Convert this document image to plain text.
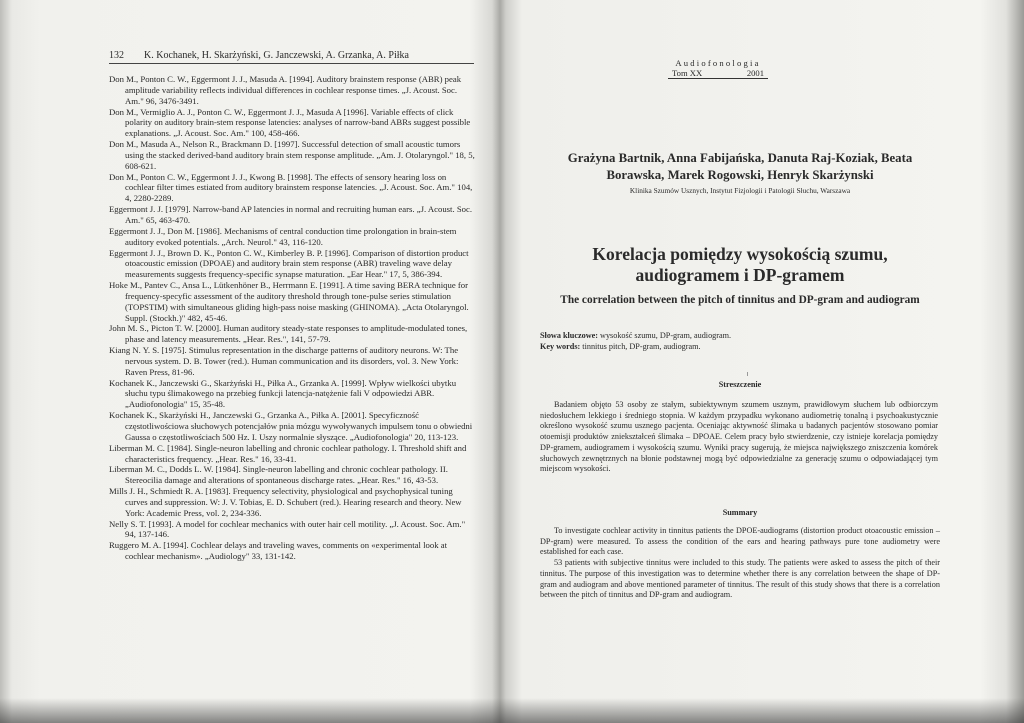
132 K. Kochanek, H. Skarżyński, G. Janczewski, A. Grzanka, A. Piłka

Don M., Ponton C. W., Eggermont J. J., Masuda A. [1994]. Auditory brainstem response (ABR) peak amplitude variability reflects individual differences in cochlear response times. „J. Acoust. Soc. Am." 96, 3476-3491.

Don M., Vermiglio A. J., Ponton C. W., Eggermont J. J., Masuda A [1996]. Variable effects of click polarity on auditory brain-stem response latencies: analyses of narrow-band ABRs suggest possible explanations. „J. Acoust. Soc. Am." 100, 458-466.

Don M., Masuda A., Nelson R., Brackmann D. [1997]. Successful detection of small acoustic tumors using the stacked derived-band auditory brain stem response amplitude. „Am. J. Otolaryngol." 18, 5, 608-621.

Don M., Ponton C. W., Eggermont J. J., Kwong B. [1998]. The effects of sensory hearing loss on cochlear filter times estiated from auditory brainstem response latencies. „J. Acoust. Soc. Am." 104, 4, 2280-2289.

Eggermont J. J. [1979]. Narrow-band AP latencies in normal and recruiting human ears. „J. Acoust. Soc. Am." 65, 463-470.

Eggermont J. J., Don M. [1986]. Mechanisms of central conduction time prolongation in brain-stem auditory evoked potentials. „Arch. Neurol." 43, 116-120.

Eggermont J. J., Brown D. K., Ponton C. W., Kimberley B. P. [1996]. Comparison of distortion product otoacoustic emission (DPOAE) and auditory brain stem response (ABR) traveling wave delay measurements suggests frequency-specific synapse maturation. „Ear Hear." 17, 5, 386-394.

Hoke M., Pantev C., Ansa L., Lütkenhöner B., Herrmann E. [1991]. A time saving BERA technique for frequency-specyfic assessment of the auditory threshold through tone-pulse series stimulation (TOPSTIM) with simultaneous gliding high-pass noise masking (GHINOMA). „Acta Otolaryngol. Suppl. (Stockh.)" 482, 45-46.

John M. S., Picton T. W. [2000]. Human auditory steady-state responses to amplitude-modulated tones, phase and latency measurements. „Hear. Res.", 141, 57-79.

Kiang N. Y. S. [1975]. Stimulus representation in the discharge patterns of auditory neurons. W: The nervous system. D. B. Tower (red.). Human communication and its disorders, vol. 3. New York: Raven Press, 81-96.

Kochanek K., Janczewski G., Skarżyński H., Piłka A., Grzanka A. [1999]. Wpływ wielkości ubytku słuchu typu ślimakowego na przebieg funkcji latencja-natężenie fali V odpowiedzi ABR. „Audiofonologia" 15, 35-48.

Kochanek K., Skarżyński H., Janczewski G., Grzanka A., Piłka A. [2001]. Specyficzność częstotliwościowa słuchowych potencjałów pnia mózgu wywoływanych impulsem tonu o obwiedni Gaussa o częstotliwościach 500 Hz. I. Uszy normalnie słyszące. „Audiofonologia" 20, 113-123.

Liberman M. C. [1984]. Single-neuron labelling and chronic cochlear pathology. I. Threshold shift and characteristics frequency. „Hear. Res." 16, 33-41.

Liberman M. C., Dodds L. W. [1984]. Single-neuron labelling and chronic cochlear pathology. II. Stereocilia damage and alterations of spontaneous discharge rates. „Hear. Res." 16, 43-53.

Mills J. H., Schmiedt R. A. [1983]. Frequency selectivity, physiological and psychophysical tuning curves and suppression. W: J. V. Tobias, E. D. Schubert (red.). Hearing research and theory. New York: Academic Press, vol. 2, 234-336.

Nelly S. T. [1993]. A model for cochlear mechanics with outer hair cell motility. „J. Acoust. Soc. Am." 94, 137-146.

Ruggero M. A. [1994]. Cochlear delays and traveling waves, comments on «experimental look at cochlear mechanism». „Audiology" 33, 131-142.

Audiofonologia
Tom XX	2001
Grażyna Bartnik, Anna Fabijańska, Danuta Raj-Koziak, Beata
Borawska, Marek Rogowski, Henryk Skarżynski
Klinika Szumów Usznych, Instytut Fizjologii i Patologii Słuchu, Warszawa
Korelacja pomiędzy wysokością szumu,
audiogramem i DP-gramem
The correlation between the pitch of tinnitus and DP-gram and audiogram
Słowa kluczowe: wysokość szumu, DP-gram, audiogram.
Key words: tinnitus pitch, DP-gram, audiogram.
Streszczenie

Badaniem objęto 53 osoby ze stałym, subiektywnym szumem usznym, prawidłowym słuchem lub odbiorczym niedosłuchem lekkiego i średniego stopnia. W każdym przypadku wykonano audiometrię tonalną i psychoakustycznie określono wysokość szumu usznego pacjenta. Oceniając aktywność ślimaka u badanych pacjentów stosowano pomiar otoemisji produktów zniekształceń ślimaka – DPOAE. Celem pracy było stwierdzenie, czy istnieje korelacja pomiędzy DP-gramem, audiogramem i wysokością szumu. Wyniki pracy sugerują, że miejsca największego zniszczenia komórek słuchowych zewnętrznych na błonie podstawnej mogą być odpowiedzialne za generację szumu o odpowiadającej tym miejscom wysokości.

Summary

To investigate cochlear activity in tinnitus patients the DPOE-audiograms (distortion product otoacoustic emission – DP-gram) were measured. To assess the condition of the ears and hearing pathways pure tone audiometry were established for each case.

53 patients with subjective tinnitus were included to this study. The patients were asked to assess the pitch of their tinnitus. The purpose of this investigation was to determine whether there is any correlation between the shape of DP-gram and audiogram and above mentioned parameter of tinnitus. The result of this study shows that there is a correlation between the pitch of tinnitus and DP-gram and audiogram.
